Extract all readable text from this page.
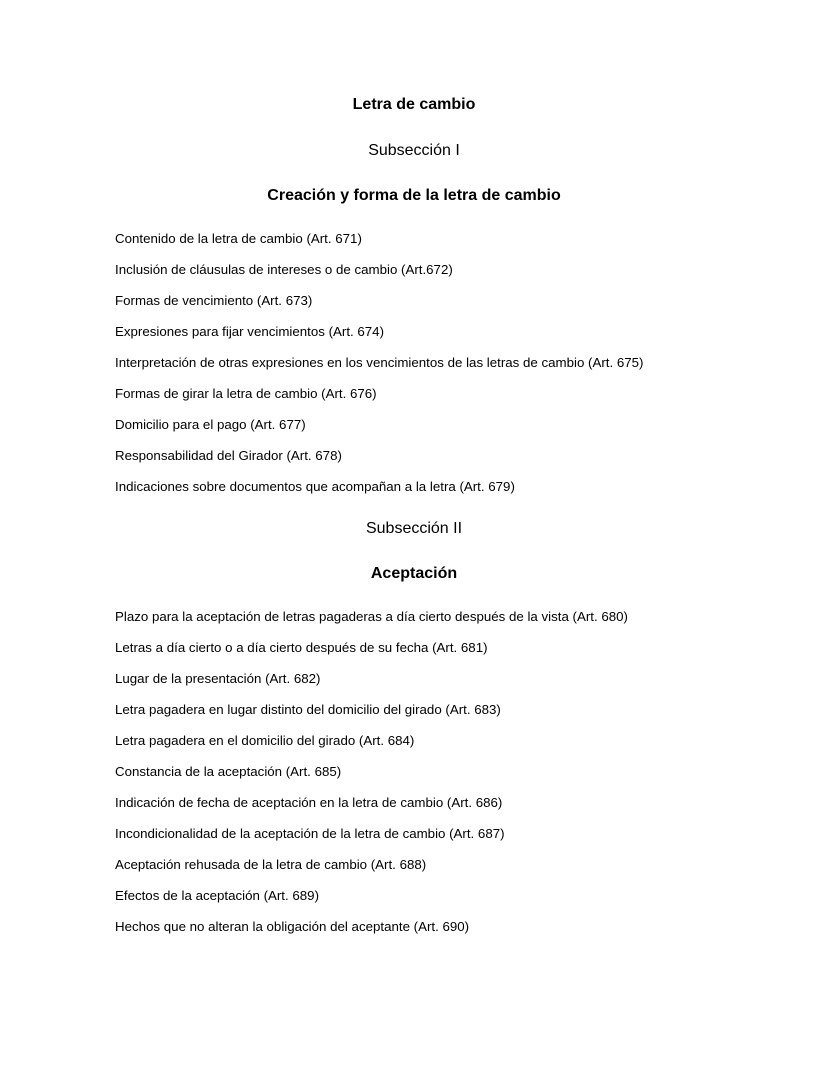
Letra de cambio
Subsección I
Creación y forma de la letra de cambio
Contenido de la letra de cambio (Art. 671)
Inclusión de cláusulas de intereses o de cambio (Art.672)
Formas de vencimiento (Art. 673)
Expresiones para fijar vencimientos (Art. 674)
Interpretación de otras expresiones en los vencimientos de las letras de cambio (Art. 675)
Formas de girar la letra de cambio (Art. 676)
Domicilio para el pago (Art. 677)
Responsabilidad del Girador (Art. 678)
Indicaciones sobre documentos que acompañan a la letra (Art. 679)
Subsección II
Aceptación
Plazo para la aceptación de letras pagaderas a día cierto después de la vista (Art. 680)
Letras a día cierto o a día cierto después de su fecha (Art. 681)
Lugar de la presentación (Art. 682)
Letra pagadera en lugar distinto del domicilio del girado (Art. 683)
Letra pagadera en el domicilio del girado (Art. 684)
Constancia de la aceptación (Art. 685)
Indicación de fecha de aceptación en la letra de cambio (Art. 686)
Incondicionalidad de la aceptación de la letra de cambio (Art. 687)
Aceptación rehusada de la letra de cambio (Art. 688)
Efectos de la aceptación (Art. 689)
Hechos que no alteran la obligación del aceptante (Art. 690)
